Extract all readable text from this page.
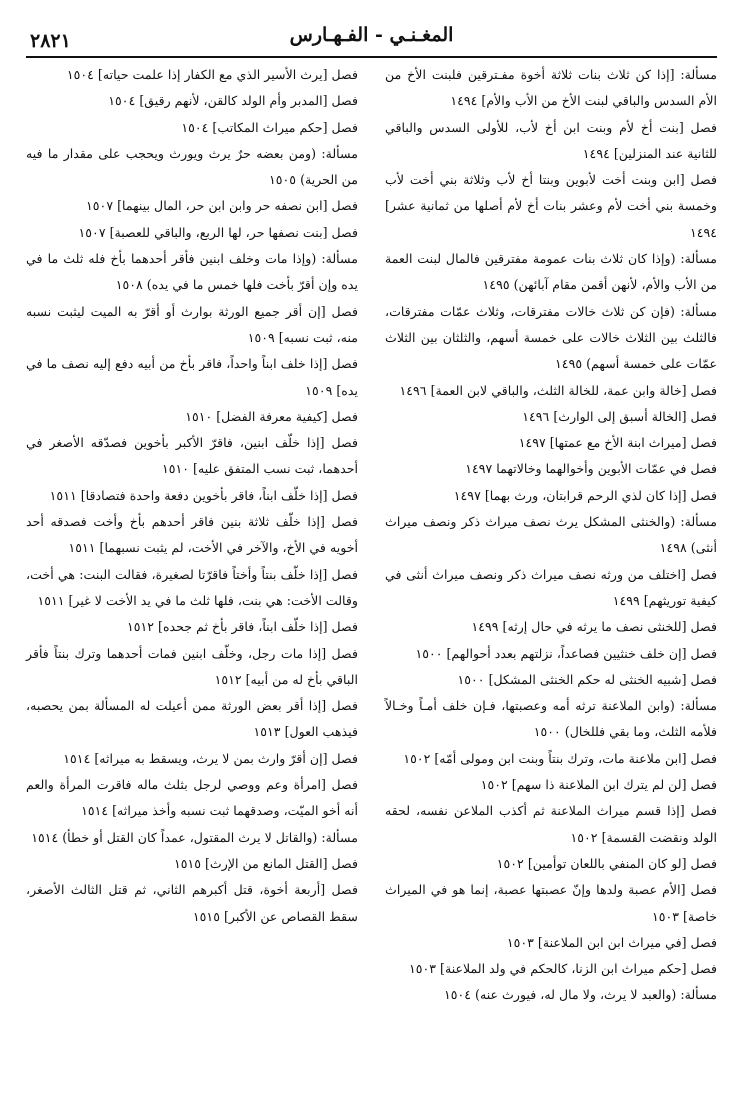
المغـنـي - الفـهـارس
٢٨٢١

مسألة: [إذا كن ثلاث بنات ثلاثة أخوة مفـترقين فلبنت الأخ من الأم السدس والباقي لبنت الأخ من الأب والأم] ١٤٩٤

فصل [بنت أخ لأم وبنت ابن أخ لأب، للأولى السدس والباقي للثانية عند المنزلين] ١٤٩٤

فصل [ابن وبنت أخت لأبوين وبنتا أخ لأب وثلاثة بني أخت لأب وخمسة بني أخت لأم وعشر بنات أخ لأم أصلها من ثمانية عشر] ١٤٩٤

مسألة: (وإذا كان ثلاث بنات عمومة مفترقين فالمال لبنت العمة من الأب والأم، لأنهن أقمن مقام آبائهن) ١٤٩٥

مسألة: (فإن كن ثلاث خالات مفترقات، وثلاث عمّات مفترقات، فالثلث بين الثلاث خالات على خمسة أسهم، والثلثان بين الثلاث عمّات على خمسة أسهم) ١٤٩٥

فصل [خالة وابن عمة، للخالة الثلث، والباقي لابن العمة] ١٤٩٦

فصل [الخالة أسبق إلى الوارث] ١٤٩٦

فصل [ميراث ابنة الأخ مع عمتها] ١٤٩٧

فصل في عمّات الأبوين وأخوالهما وخالاتهما ١٤٩٧

فصل [إذا كان لذي الرحم قرابتان، ورث بهما] ١٤٩٧

مسألة: (والخنثى المشكل يرث نصف ميراث ذكر ونصف ميراث أنثى) ١٤٩٨

فصل [اختلف من ورثه نصف ميراث ذكر ونصف ميراث أنثى في كيفية توريثهم] ١٤٩٩

فصل [للخنثى نصف ما يرثه في حال إرثه] ١٤٩٩

فصل [إن خلف خنثيين فصاعداً، نزلتهم بعدد أحوالهم] ١٥٠٠

فصل [شبيه الخنثى له حكم الخنثى المشكل] ١٥٠٠

مسألة: (وابن الملاعنة ترثه أمه وعصبتها، فـإن خلف أمـاً وخـالاً فلأمه الثلث، وما بقي فللخال) ١٥٠٠

فصل [ابن ملاعنة مات، وترك بنتاً وبنت ابن ومولى أمّه] ١٥٠٢

فصل [لن لم يترك ابن الملاعنة ذا سهم] ١٥٠٢

فصل [إذا قسم ميراث الملاعنة ثم أكذب الملاعن نفسه، لحقه الولد ونقضت القسمة] ١٥٠٢

فصل [لو كان المنفي باللعان توأمين] ١٥٠٢

فصل [الأم عصبة ولدها وإنّ عصبتها عصبة، إنما هو في الميراث خاصة] ١٥٠٣

فصل [في ميراث ابن ابن الملاعنة] ١٥٠٣

فصل [حكم ميراث ابن الزنا، كالحكم في ولد الملاعنة] ١٥٠٣

مسألة: (والعبد لا يرث، ولا مال له، فيورث عنه) ١٥٠٤

فصل [يرث الأسير الذي مع الكفار إذا علمت حياته] ١٥٠٤

فصل [المدبر وأم الولد كالقن، لأنهم رقيق] ١٥٠٤

فصل [حكم ميراث المكاتب] ١٥٠٤

مسألة: (ومن بعضه حرٌ يرث ويورث ويحجب على مقدار ما فيه من الحرية) ١٥٠٥

فصل [ابن نصفه حر وابن ابن حر، المال بينهما] ١٥٠٧

فصل [بنت نصفها حر، لها الربع، والباقي للعصبة] ١٥٠٧

مسألة: (وإذا مات وخلف ابنين فأقر أحدهما بأخ فله ثلث ما في يده وإن أقرّ بأخت فلها خمس ما في يده) ١٥٠٨

فصل [إن أقر جميع الورثة بوارث أو أقرّ به الميت ليثبت نسبه منه، ثبت نسبه] ١٥٠٩

فصل [إذا خلف ابناً واحداً، فاقر بأخ من أبيه دفع إليه نصف ما في يده] ١٥٠٩

فصل [كيفية معرفة الفضل] ١٥١٠

فصل [إذا خلّف ابنين، فاقرّ الأكبر بأخوين فصدّقه الأصغر في أحدهما، ثبت نسب المتفق عليه] ١٥١٠

فصل [إذا خلّف ابناً، فاقر بأخوين دفعة واحدة فتصادقا] ١٥١١

فصل [إذا خلّف ثلاثة بنين فاقر أحدهم بأخ وأخت فصدقه أحد أخويه في الأخ، والآخر في الأخت، لم يثبت نسبهما] ١٥١١

فصل [إذا خلّف بنتاً وأختاً فاقرّتا لصغيرة، فقالت البنت: هي أخت، وقالت الأخت: هي بنت، فلها ثلث ما في يد الأخت لا غير] ١٥١١

فصل [إذا خلّف ابناً، فاقر بأخ ثم جحده] ١٥١٢

فصل [إذا مات رجل، وخلّف ابنين فمات أحدهما وترك بنتاً فأقر الباقي بأخ له من أبيه] ١٥١٢

فصل [إذا أقر بعض الورثة ممن أعيلت له المسألة بمن يحصبه، فيذهب العول] ١٥١٣

فصل [إن أقرّ وارث بمن لا يرث، ويسقط به ميراثه] ١٥١٤

فصل [امرأة وعم ووصي لرجل بثلث ماله فاقرت المرأة والعم أنه أخو الميّت، وصدقهما ثبت نسبه وأخذ ميراثه] ١٥١٤

مسألة: (والقاتل لا يرث المقتول، عمداً كان القتل أو خطأ) ١٥١٤

فصل [القتل المانع من الإرث] ١٥١٥

فصل [أربعة أخوة، قتل أكبرهم الثاني، ثم قتل الثالث الأصغر، سقط القصاص عن الأكبر] ١٥١٥
